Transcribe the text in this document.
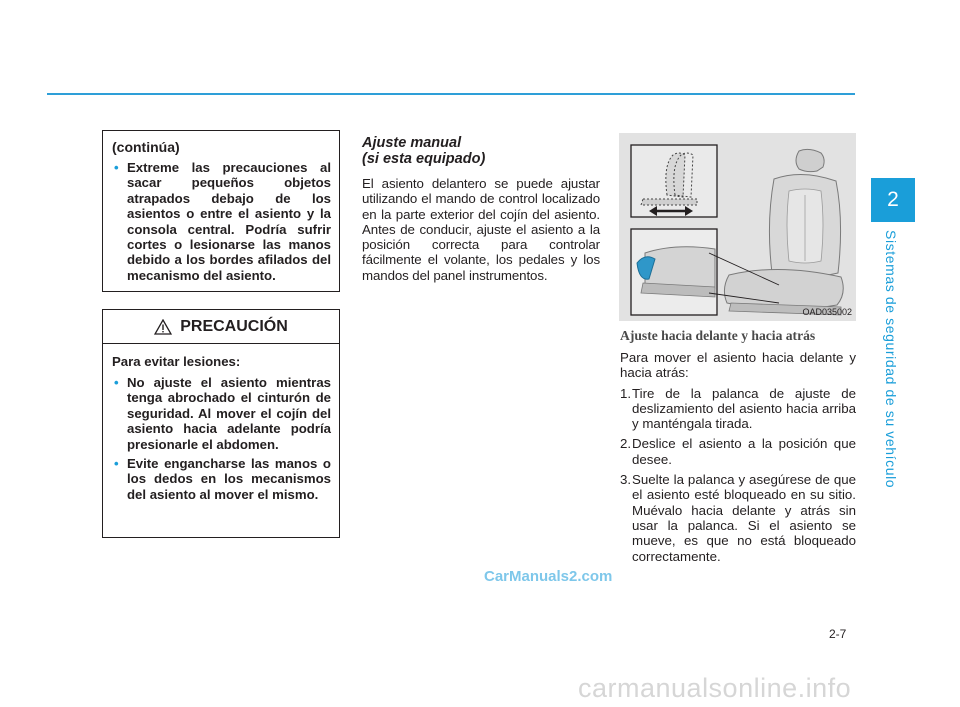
2
Sistemas de seguridad de su vehículo
(continúa)
• Extreme las precauciones al sacar pequeños objetos atrapados debajo de los asientos o entre el asiento y la consola central. Podría sufrir cortes o lesionarse las manos debido a los bordes afilados del mecanismo del asiento.
PRECAUCIÓN
Para evitar lesiones:
• No ajuste el asiento mientras tenga abrochado el cinturón de seguridad. Al mover el cojín del asiento hacia adelante podría presionarle el abdomen.
• Evite engancharse las manos o los dedos en los mecanismos del asiento al mover el mismo.
Ajuste manual
(si esta equipado)
El asiento delantero se puede ajustar utilizando el mando de control localizado en la parte exterior del cojín del asiento. Antes de conducir, ajuste el asiento a la posición correcta para controlar fácilmente el volante, los pedales y los mandos del panel instrumentos.
OAD035002
Ajuste hacia delante y hacia atrás
Para mover el asiento hacia delante y hacia atrás:
1. Tire de la palanca de ajuste de deslizamiento del asiento hacia arriba y manténgala tirada.
2. Deslice el asiento a la posición que desee.
3. Suelte la palanca y asegúrese de que el asiento esté bloqueado en su sitio. Muévalo hacia delante y atrás sin usar la palanca. Si el asiento se mueve, es que no está bloqueado correctamente.
CarManuals2.com
2-7
carmanualsonline.info
